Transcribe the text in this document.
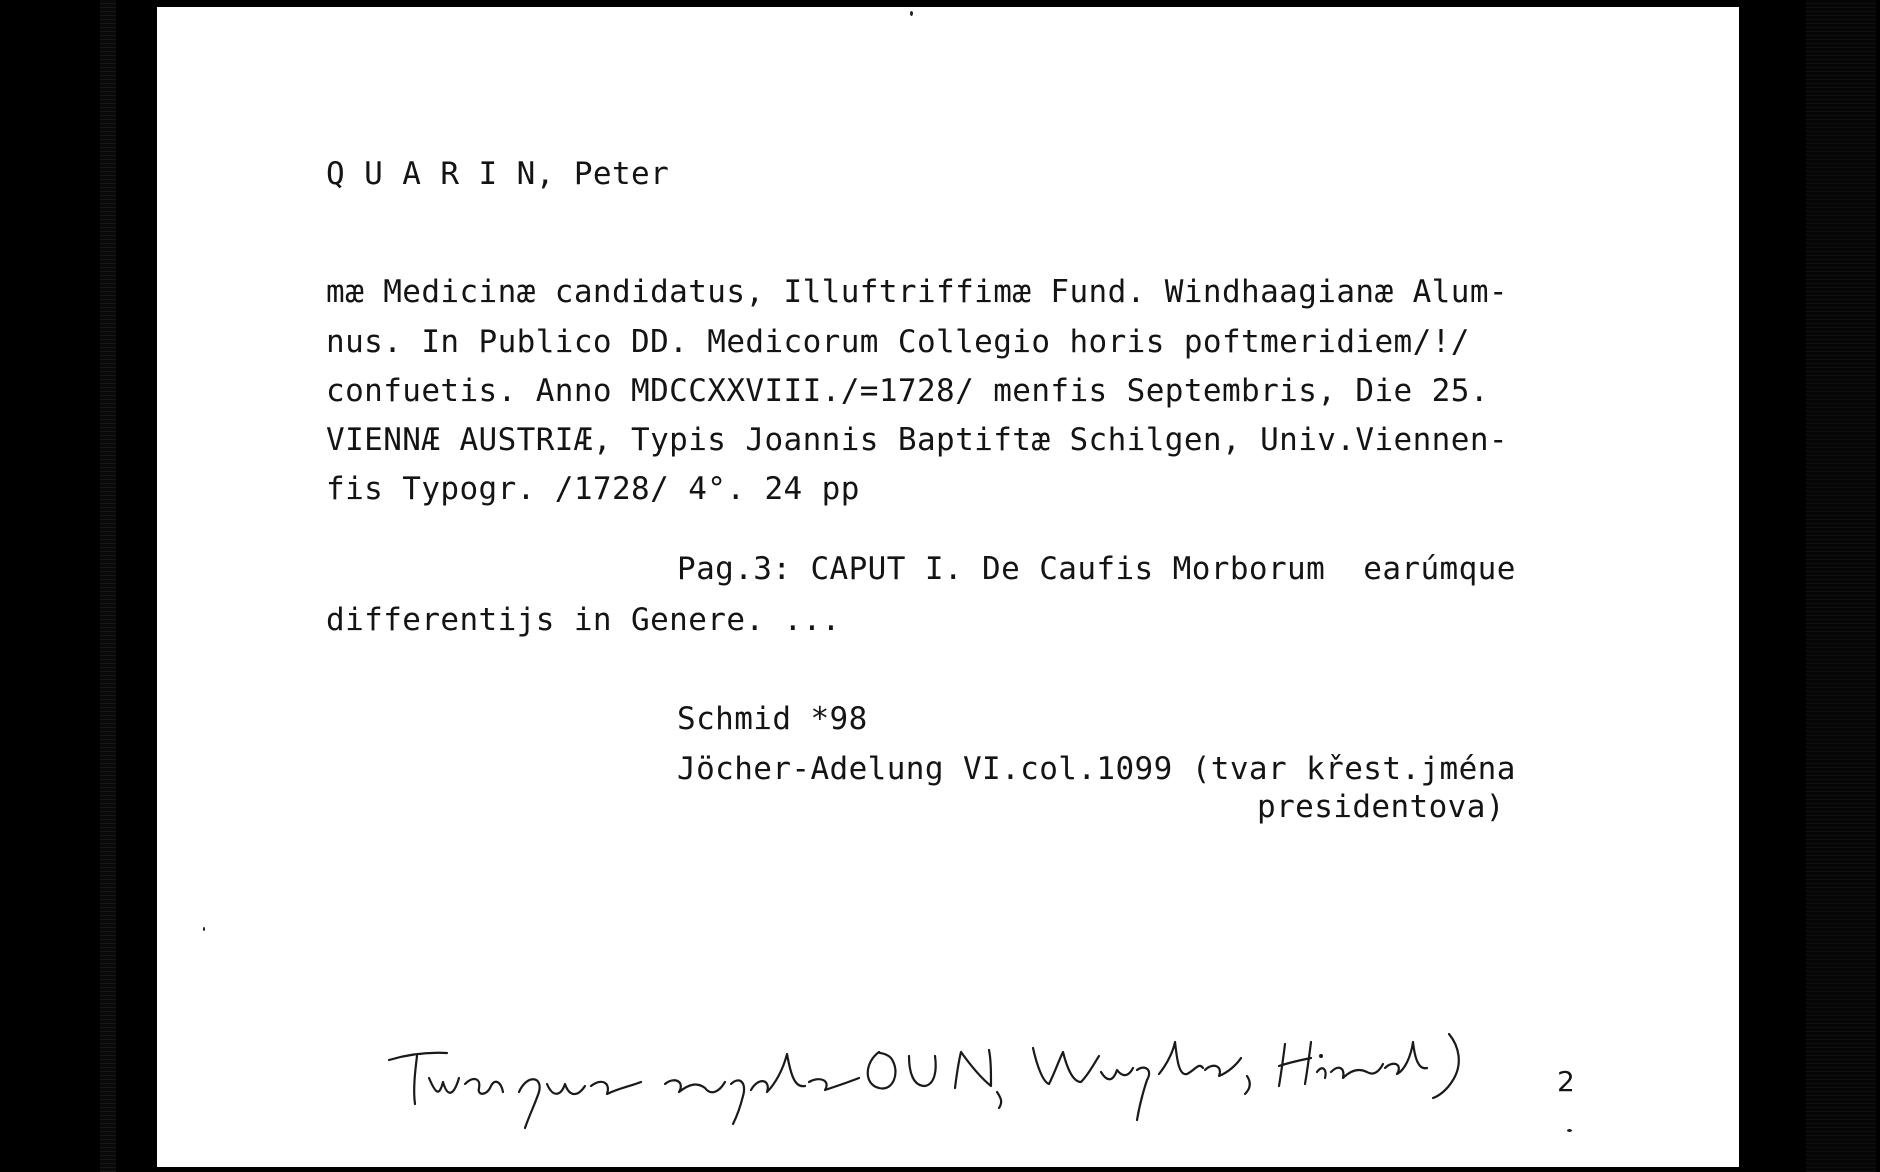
Q U A R I N, Peter
mæ Medicinæ candidatus, Illuftriffimæ Fund. Windhaagianæ Alum-
nus. In Publico DD. Medicorum Collegio horis poftmeridiem/!/
confuetis. Anno MDCCXXVIII./=1728/ menfis Septembris, Die 25.
VIENNÆ AUSTRIÆ, Typis Joannis Baptiftæ Schilgen, Univ.Viennen-
fis Typogr. /1728/ 4°. 24 pp
Pag.3: CAPUT I. De Caufis Morborum  earúmque
differentijs in Genere. ...
Schmid *98
Jöcher-Adelung VI.col.1099 (tvar křest.jména
presidentova)
2
